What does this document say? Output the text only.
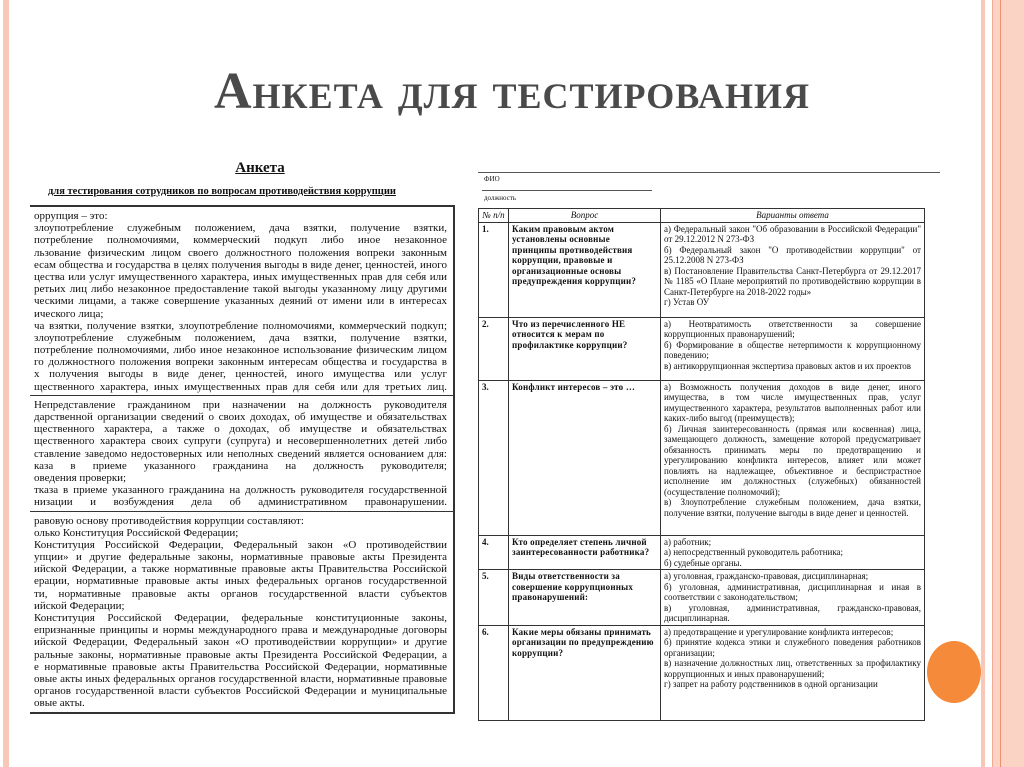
Анкета для тестирования
Анкета
для тестирования сотрудников по вопросам противодействия коррупции
оррупция – это:
злоупотребление служебным положением, дача взятки, получение взятки,
потребление полномочиями, коммерческий подкуп либо иное незаконное
льзование физическим лицом своего должностного положения вопреки законным
есам общества и государства в целях получения выгоды в виде денег, ценностей, иного
цества или услуг имущественного характера, иных имущественных прав для себя или
ретьих лиц либо незаконное предоставление такой выгоды указанному лицу другими
ческими лицами, а также совершение указанных деяний от имени или в интересах
ического лица;
ча взятки, получение взятки, злоупотребление полномочиями, коммерческий подкуп;
злоупотребление служебным положением, дача взятки, получение взятки,
потребление полномочиями, либо иное незаконное использование физическим лицом
го должностного положения вопреки законным интересам общества и государства в
х получения выгоды в виде денег, ценностей, иного имущества или услуг
щественного характера, иных имущественных прав для себя или для третьих лиц.
Непредставление гражданином при назначении на должность руководителя
дарственной организации сведений о своих доходах, об имуществе и обязательствах
щественного характера, а также о доходах, об имуществе и обязательствах
щественного характера своих супруги (супруга) и несовершеннолетних детей либо
ставление заведомо недостоверных или неполных сведений является основанием для:
каза в приеме указанного гражданина на должность руководителя;
оведения проверки;
тказа в приеме указанного гражданина на должность руководителя государственной
низации и возбуждения дела об административном правонарушении.
равовую основу противодействия коррупции составляют:
олько Конституция Российской Федерации;
Конституция Российской Федерации, Федеральный закон «О противодействии
упции» и другие федеральные законы, нормативные правовые акты Президента
ийской Федерации, а также нормативные правовые акты Правительства Российской
ерации, нормативные правовые акты иных федеральных органов государственной
ти, нормативные правовые акты органов государственной власти субъектов
ийской Федерации;
Конституция Российской Федерации, федеральные конституционные законы,
епризнанные принципы и нормы международного права и международные договоры
ийской Федерации, Федеральный закон «О противодействии коррупции» и другие
ральные законы, нормативные правовые акты Президента Российской Федерации, а
е нормативные правовые акты Правительства Российской Федерации, нормативные
овые акты иных федеральных органов государственной власти, нормативные правовые
органов государственной власти субъектов Российской Федерации и муниципальные
овые акты.
ФИО
должность
№ п/п	Вопрос	Варианты ответа
1.	Каким правовым актом установлены основные принципы противодействия коррупции, правовые и организационные основы предупреждения коррупции?	а) Федеральный закон "Об образовании в Российской Федерации" от 29.12.2012 N 273-ФЗ
б) Федеральный закон "О противодействии коррупции" от 25.12.2008 N 273-ФЗ
в) Постановление Правительства Санкт-Петербурга от 29.12.2017 № 1185 «О Плане мероприятий по противодействию коррупции в Санкт-Петербурге на 2018-2022 годы»
г) Устав ОУ

2.	Что из перечисленного НЕ относится к мерам по профилактике коррупции?	а) Неотвратимость ответственности за совершение коррупционных правонарушений;
б) Формирование в обществе нетерпимости к коррупционному поведению;
в) антикоррупционная экспертиза правовых актов и их проектов

3.	Конфликт интересов – это …	а) Возможность получения доходов в виде денег, иного имущества, в том числе имущественных прав, услуг имущественного характера, результатов выполненных работ или каких-либо выгод (преимуществ);
б) Личная заинтересованность (прямая или косвенная) лица, замещающего должность, замещение которой предусматривает обязанность принимать меры по предотвращению и урегулированию конфликта интересов, влияет или может повлиять на надлежащее, объективное и беспристрастное исполнение им должностных (служебных) обязанностей (осуществление полномочий);
в) Злоупотребление служебным положением, дача взятки, получение взятки, получение выгоды в виде денег и ценностей.

4.	Кто определяет степень личной заинтересованности работника?	а) работник;
а) непосредственный руководитель работника;
б) судебные органы.

5.	Виды ответственности за совершение коррупционных правонарушений:	а) уголовная, гражданско-правовая, дисциплинарная;
б) уголовная, административная, дисциплинарная и иная в соответствии с законодательством;
в) уголовная, административная, гражданско-правовая, дисциплинарная.

6.	Какие меры обязаны принимать организации по предупреждению коррупции?	а) предотвращение и урегулирование конфликта интересов;
б) принятие кодекса этики и служебного поведения работников организации;
в) назначение должностных лиц, ответственных за профилактику коррупционных и иных правонарушений;
г) запрет на работу родственников в одной организации
